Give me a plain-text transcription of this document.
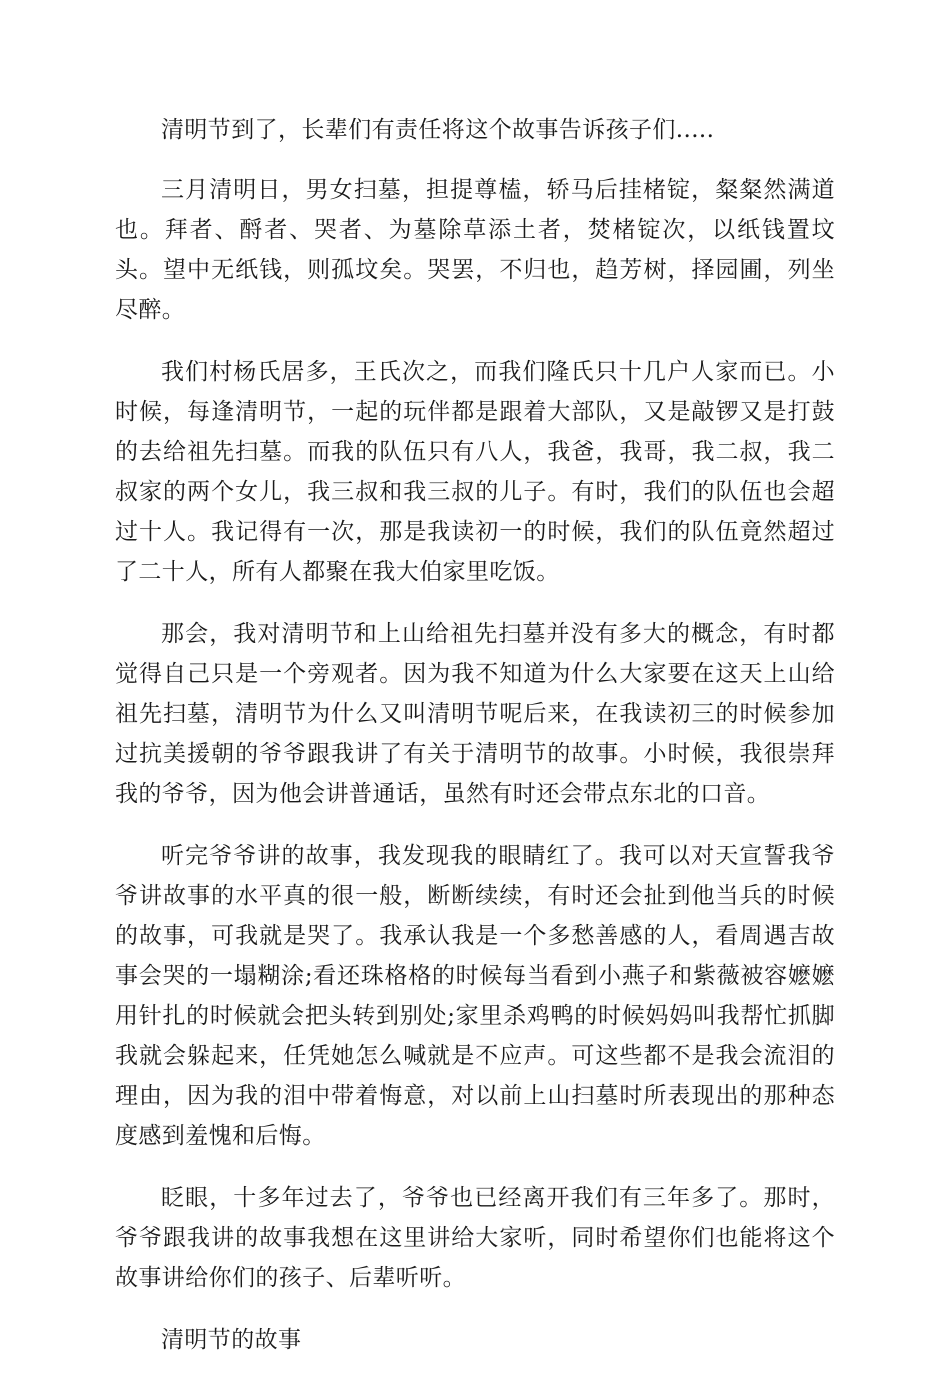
清明节到了，长辈们有责任将这个故事告诉孩子们.....

三月清明日，男女扫墓，担提尊榼，轿马后挂楮锭，粲粲然满道也。拜者、酹者、哭者、为墓除草添土者，焚楮锭次，以纸钱置坟头。望中无纸钱，则孤坟矣。哭罢，不归也，趋芳树，择园圃，列坐尽醉。

我们村杨氏居多，王氏次之，而我们隆氏只十几户人家而已。小时候，每逢清明节，一起的玩伴都是跟着大部队，又是敲锣又是打鼓的去给祖先扫墓。而我的队伍只有八人，我爸，我哥，我二叔，我二叔家的两个女儿，我三叔和我三叔的儿子。有时，我们的队伍也会超过十人。我记得有一次，那是我读初一的时候，我们的队伍竟然超过了二十人，所有人都聚在我大伯家里吃饭。

那会，我对清明节和上山给祖先扫墓并没有多大的概念，有时都觉得自己只是一个旁观者。因为我不知道为什么大家要在这天上山给祖先扫墓，清明节为什么又叫清明节呢后来，在我读初三的时候参加过抗美援朝的爷爷跟我讲了有关于清明节的故事。小时候，我很崇拜我的爷爷，因为他会讲普通话，虽然有时还会带点东北的口音。

听完爷爷讲的故事，我发现我的眼睛红了。我可以对天宣誓我爷爷讲故事的水平真的很一般，断断续续，有时还会扯到他当兵的时候的故事，可我就是哭了。我承认我是一个多愁善感的人，看周遇吉故事会哭的一塌糊涂;看还珠格格的时候每当看到小燕子和紫薇被容嬷嬷用针扎的时候就会把头转到别处;家里杀鸡鸭的时候妈妈叫我帮忙抓脚我就会躲起来，任凭她怎么喊就是不应声。可这些都不是我会流泪的理由，因为我的泪中带着悔意，对以前上山扫墓时所表现出的那种态度感到羞愧和后悔。

眨眼，十多年过去了，爷爷也已经离开我们有三年多了。那时，爷爷跟我讲的故事我想在这里讲给大家听，同时希望你们也能将这个故事讲给你们的孩子、后辈听听。

清明节的故事
